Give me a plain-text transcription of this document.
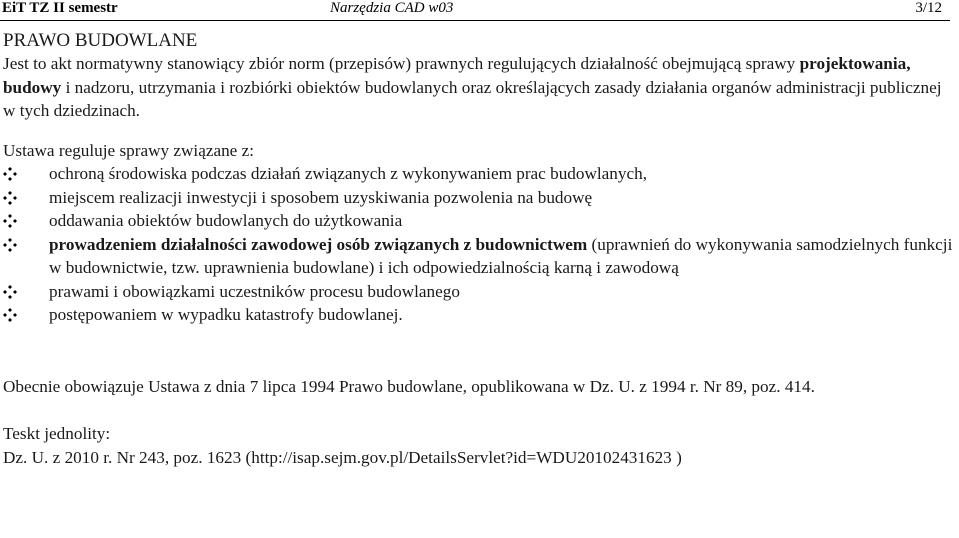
EiT TZ II semestr	Narzędzia CAD w03	3/12

PRAWO BUDOWLANE

Jest to akt normatywny stanowiący zbiór norm (przepisów) prawnych regulujących działalność obejmującą sprawy projektowania, budowy i nadzoru, utrzymania i rozbiórki obiektów budowlanych oraz określających zasady działania organów administracji publicznej w tych dziedzinach.

Ustawa reguluje sprawy związane z:

ochroną środowiska podczas działań związanych z wykonywaniem prac budowlanych,
miejscem realizacji inwestycji i sposobem uzyskiwania pozwolenia na budowę
oddawania obiektów budowlanych do użytkowania
prowadzeniem działalności zawodowej osób związanych z budownictwem (uprawnień do wykonywania samodzielnych funkcji w budownictwie, tzw. uprawnienia budowlane) i ich odpowiedzialnością karną i zawodową
prawami i obowiązkami uczestników procesu budowlanego
postępowaniem w wypadku katastrofy budowlanej.

Obecnie obowiązuje Ustawa z dnia 7 lipca 1994 Prawo budowlane, opublikowana w Dz. U. z 1994 r. Nr 89, poz. 414.

Teskt jednolity:

Dz. U. z 2010 r. Nr 243, poz. 1623 (http://isap.sejm.gov.pl/DetailsServlet?id=WDU20102431623 )
